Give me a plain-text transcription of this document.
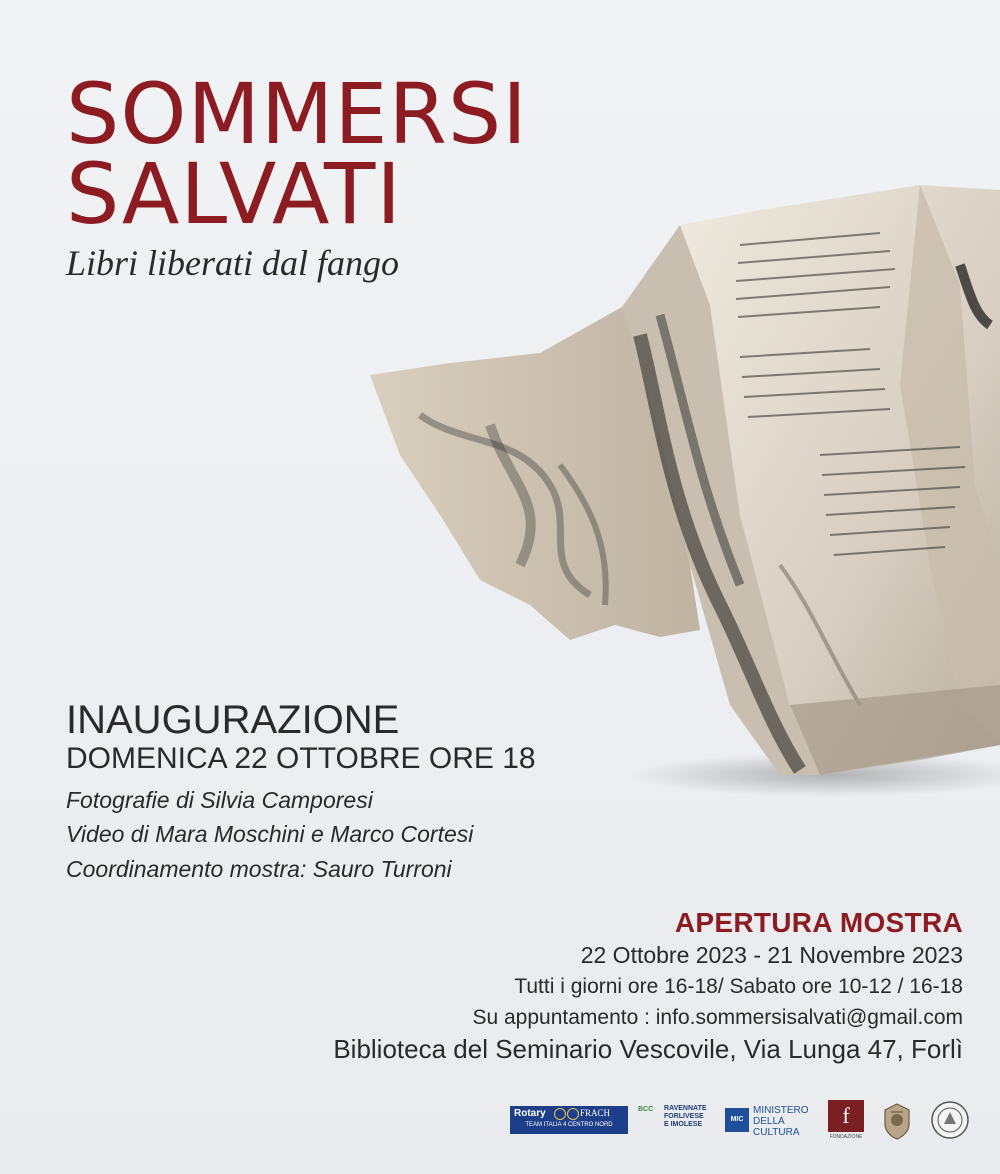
SOMMERSI
SALVATI
Libri liberati dal fango
INAUGURAZIONE
DOMENICA 22 OTTOBRE ORE 18
Fotografie di Silvia Camporesi
Video di Mara Moschini e Marco Cortesi
Coordinamento mostra: Sauro Turroni
APERTURA MOSTRA
22 Ottobre 2023 - 21 Novembre 2023
Tutti i giorni ore 16-18/ Sabato ore 10-12 / 16-18
Su appuntamento : info.sommersisalvati@gmail.com
Biblioteca del Seminario Vescovile, Via Lunga 47, Forlì
Rotary	FRACH
TEAM ITALIA 4 CENTRO NORD
BCC RAVENNATE
FORLIVESE
E IMOLESE
MIC
MINISTERO
DELLA
CULTURA
f
FONDAZIONE
